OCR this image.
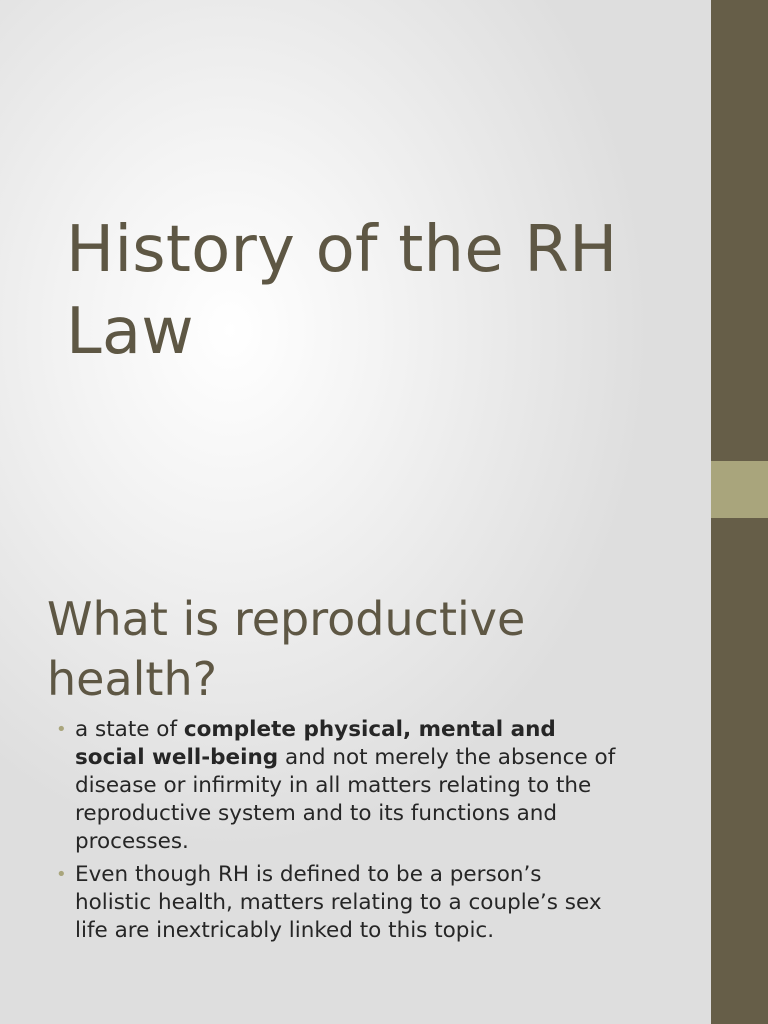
History of the RH
Law
What is reproductive
health?
• a state of complete physical, mental and
social well-being and not merely the absence of
disease or infirmity in all matters relating to the
reproductive system and to its functions and
processes.
• Even though RH is defined to be a person’s
holistic health, matters relating to a couple’s sex
life are inextricably linked to this topic.
